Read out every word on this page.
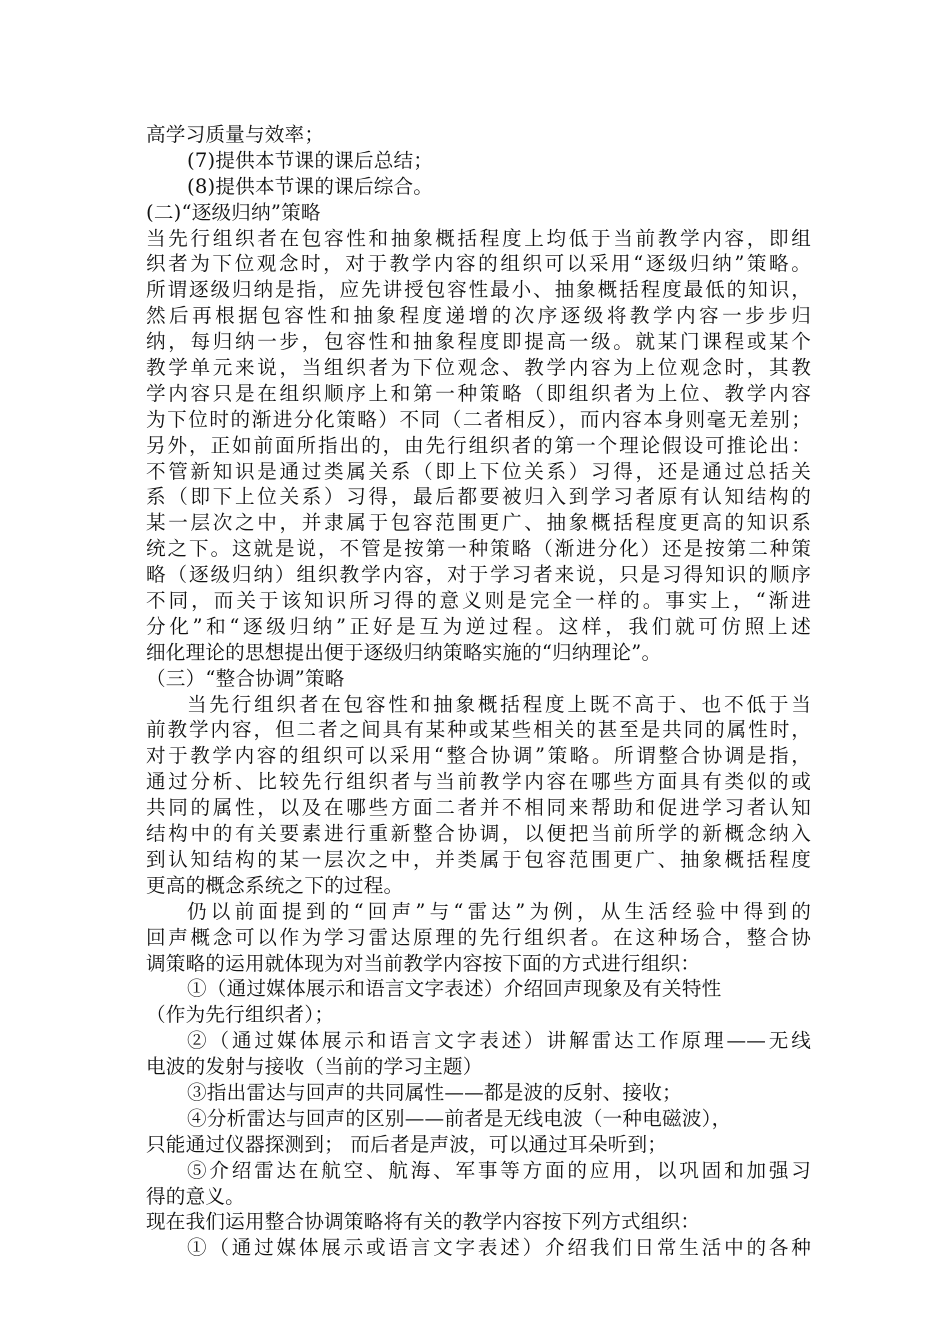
高学习质量与效率；
(7)提供本节课的课后总结；
(8)提供本节课的课后综合。
(二)“逐级归纳”策略
当先行组织者在包容性和抽象概括程度上均低于当前教学内容，即组
织者为下位观念时，对于教学内容的组织可以采用“逐级归纳”策略。
所谓逐级归纳是指，应先讲授包容性最小、抽象概括程度最低的知识，
然后再根据包容性和抽象程度递增的次序逐级将教学内容一步步归
纳，每归纳一步，包容性和抽象程度即提高一级。就某门课程或某个
教学单元来说，当组织者为下位观念、教学内容为上位观念时，其教
学内容只是在组织顺序上和第一种策略（即组织者为上位、教学内容
为下位时的渐进分化策略）不同（二者相反），而内容本身则毫无差别；
另外，正如前面所指出的，由先行组织者的第一个理论假设可推论出：
不管新知识是通过类属关系（即上下位关系）习得，还是通过总括关
系（即下上位关系）习得，最后都要被归入到学习者原有认知结构的
某一层次之中，并隶属于包容范围更广、抽象概括程度更高的知识系
统之下。这就是说，不管是按第一种策略（渐进分化）还是按第二种策
略（逐级归纳）组织教学内容，对于学习者来说，只是习得知识的顺序
不同，而关于该知识所习得的意义则是完全一样的。事实上，“渐进
分化”和“逐级归纳”正好是互为逆过程。这样，我们就可仿照上述
细化理论的思想提出便于逐级归纳策略实施的“归纳理论”。
（三）“整合协调”策略
当先行组织者在包容性和抽象概括程度上既不高于、也不低于当
前教学内容，但二者之间具有某种或某些相关的甚至是共同的属性时，
对于教学内容的组织可以采用“整合协调”策略。所谓整合协调是指，
通过分析、比较先行组织者与当前教学内容在哪些方面具有类似的或
共同的属性，以及在哪些方面二者并不相同来帮助和促进学习者认知
结构中的有关要素进行重新整合协调，以便把当前所学的新概念纳入
到认知结构的某一层次之中，并类属于包容范围更广、抽象概括程度
更高的概念系统之下的过程。
仍以前面提到的“回声”与“雷达”为例，从生活经验中得到的
回声概念可以作为学习雷达原理的先行组织者。在这种场合，整合协
调策略的运用就体现为对当前教学内容按下面的方式进行组织：
①（通过媒体展示和语言文字表述）介绍回声现象及有关特性
（作为先行组织者）；
②（通过媒体展示和语言文字表述）讲解雷达工作原理——无线
电波的发射与接收（当前的学习主题）
③指出雷达与回声的共同属性——都是波的反射、接收；
④分析雷达与回声的区别——前者是无线电波（一种电磁波），
只能通过仪器探测到； 而后者是声波，可以通过耳朵听到；
⑤介绍雷达在航空、航海、军事等方面的应用，以巩固和加强习
得的意义。
现在我们运用整合协调策略将有关的教学内容按下列方式组织：
①（通过媒体展示或语言文字表述）介绍我们日常生活中的各种
